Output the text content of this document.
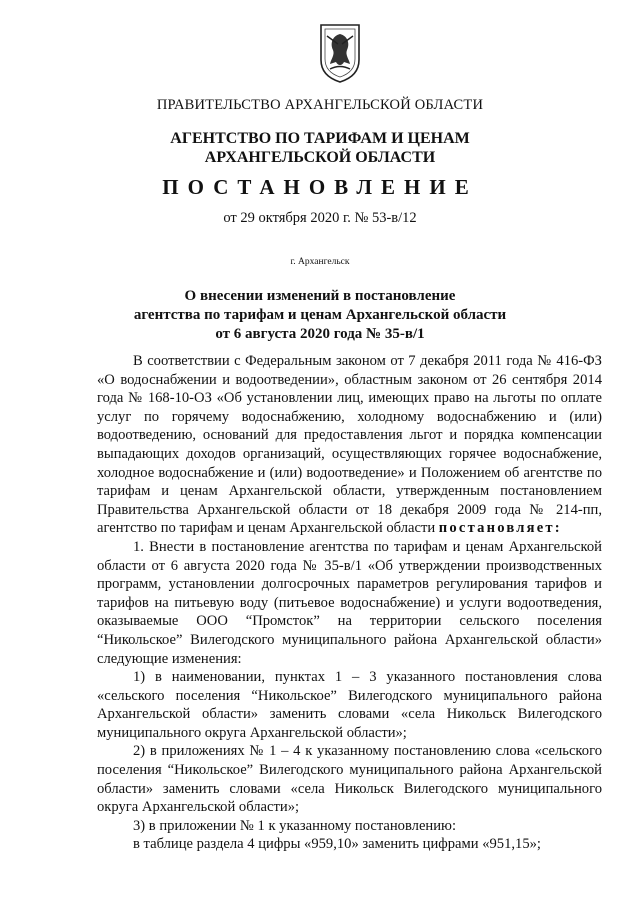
ПРАВИТЕЛЬСТВО АРХАНГЕЛЬСКОЙ ОБЛАСТИ
АГЕНТСТВО ПО ТАРИФАМ И ЦЕНАМ
АРХАНГЕЛЬСКОЙ ОБЛАСТИ
ПОСТАНОВЛЕНИЕ
от 29 октября 2020 г. № 53-в/12
г. Архангельск
О внесении изменений в постановление
агентства по тарифам и ценам Архангельской области
от 6 августа 2020 года № 35-в/1

В соответствии с Федеральным законом от 7 декабря 2011 года № 416-ФЗ «О водоснабжении и водоотведении», областным законом от 26 сентября 2014 года № 168-10-ОЗ «Об установлении лиц, имеющих право на льготы по оплате услуг по горячему водоснабжению, холодному водоснабжению и (или) водоотведению, оснований для предоставления льгот и порядка компенсации выпадающих доходов организаций, осуществляющих горячее водоснабжение, холодное водоснабжение и (или) водоотведение» и Положением об агентстве по тарифам и ценам Архангельской области, утвержденным постановлением Правительства Архангельской области от 18 декабря 2009 года № 214-пп, агентство по тарифам и ценам Архангельской области постановляет:

1. Внести в постановление агентства по тарифам и ценам Архангельской области от 6 августа 2020 года № 35-в/1 «Об утверждении производственных программ, установлении долгосрочных параметров регулирования тарифов и тарифов на питьевую воду (питьевое водоснабжение) и услуги водоотведения, оказываемые ООО “Промсток” на территории сельского поселения “Никольское” Вилегодского муниципального района Архангельской области» следующие изменения:

1) в наименовании, пунктах 1 – 3 указанного постановления слова «сельского поселения “Никольское” Вилегодского муниципального района Архангельской области» заменить словами «села Никольск Вилегодского муниципального округа Архангельской области»;

2) в приложениях № 1 – 4 к указанному постановлению слова «сельского поселения “Никольское” Вилегодского муниципального района Архангельской области» заменить словами «села Никольск Вилегодского муниципального округа Архангельской области»;

3) в приложении № 1 к указанному постановлению:

в таблице раздела 4 цифры «959,10» заменить цифрами «951,15»;
